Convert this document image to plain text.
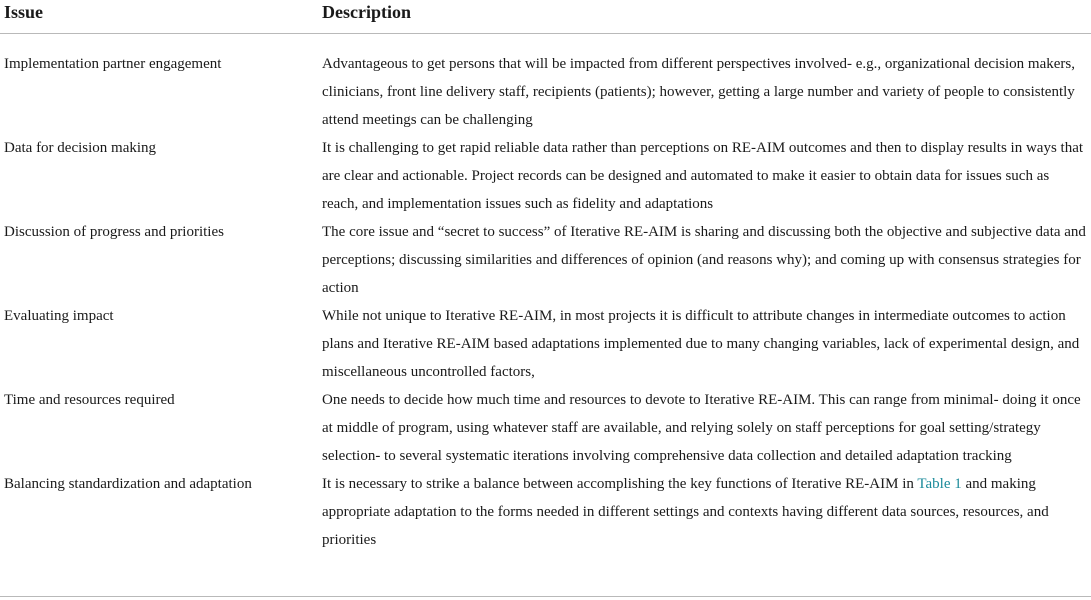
Issue	Description
Implementation partner engagement	Advantageous to get persons that will be impacted from different perspectives involved- e.g., organizational decision makers, clinicians, front line delivery staff, recipients (patients); however, getting a large number and variety of people to consistently attend meetings can be challenging
Data for decision making	It is challenging to get rapid reliable data rather than perceptions on RE-AIM outcomes and then to display results in ways that are clear and actionable. Project records can be designed and automated to make it easier to obtain data for issues such as reach, and implementation issues such as fidelity and adaptations
Discussion of progress and priorities	The core issue and “secret to success” of Iterative RE-AIM is sharing and discussing both the objective and subjective data and perceptions; discussing similarities and differences of opinion (and reasons why); and coming up with consensus strategies for action
Evaluating impact	While not unique to Iterative RE-AIM, in most projects it is difficult to attribute changes in intermediate outcomes to action plans and Iterative RE-AIM based adaptations implemented due to many changing variables, lack of experimental design, and miscellaneous uncontrolled factors,
Time and resources required	One needs to decide how much time and resources to devote to Iterative RE-AIM. This can range from minimal- doing it once at middle of program, using whatever staff are available, and relying solely on staff perceptions for goal setting/strategy selection- to several systematic iterations involving comprehensive data collection and detailed adaptation tracking
Balancing standardization and adaptation	It is necessary to strike a balance between accomplishing the key functions of Iterative RE-AIM in Table 1 and making appropriate adaptation to the forms needed in different settings and contexts having different data sources, resources, and priorities
